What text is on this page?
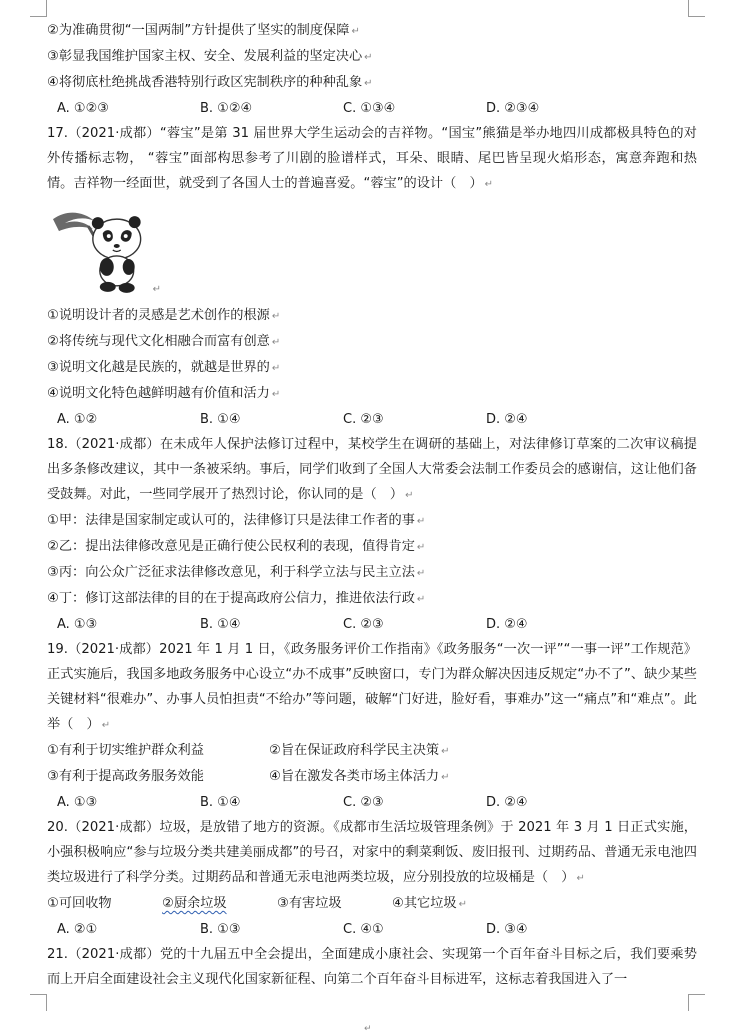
②为准确贯彻“一国两制”方针提供了坚实的制度保障 ↵
③彰显我国维护国家主权、安全、发展利益的坚定决心 ↵
④将彻底杜绝挑战香港特别行政区宪制秩序的种种乱象 ↵
A. ①②③	B. ①②④	C. ①③④	D. ②③④
17.（2021·成都）“蓉宝”是第 31 届世界大学生运动会的吉祥物。“国宝”熊猫是举办地四川成都极具特色的对外传播标志物， “蓉宝”面部构思参考了川剧的脸谱样式，耳朵、眼睛、尾巴皆呈现火焰形态，寓意奔跑和热情。吉祥物一经面世，就受到了各国人士的普遍喜爱。“蓉宝”的设计（　） ↵
↵
①说明设计者的灵感是艺术创作的根源 ↵
②将传统与现代文化相融合而富有创意 ↵
③说明文化越是民族的，就越是世界的 ↵
④说明文化特色越鲜明越有价值和活力 ↵
A. ①②	B. ①④	C. ②③	D. ②④
18.（2021·成都）在未成年人保护法修订过程中，某校学生在调研的基础上，对法律修订草案的二次审议稿提出多条修改建议，其中一条被采纳。事后，同学们收到了全国人大常委会法制工作委员会的感谢信，这让他们备受鼓舞。对此，一些同学展开了热烈讨论，你认同的是（　） ↵
①甲：法律是国家制定或认可的，法律修订只是法律工作者的事 ↵
②乙：提出法律修改意见是正确行使公民权利的表现，值得肯定 ↵
③丙：向公众广泛征求法律修改意见，利于科学立法与民主立法 ↵
④丁：修订这部法律的目的在于提高政府公信力，推进依法行政 ↵
A. ①③	B. ①④	C. ②③	D. ②④
19.（2021·成都）2021 年 1 月 1 日，《政务服务评价工作指南》《政务服务“一次一评”“一事一评”工作规范》正式实施后，我国多地政务服务中心设立“办不成事”反映窗口，专门为群众解决因违反规定“办不了”、缺少某些关键材料“很难办”、办事人员怕担责“不给办”等问题，破解“门好进，脸好看，事难办”这一“痛点”和“难点”。此举（　） ↵
①有利于切实维护群众利益	②旨在保证政府科学民主决策 ↵
③有利于提高政务服务效能	④旨在激发各类市场主体活力 ↵
A. ①③	B. ①④	C. ②③	D. ②④
20.（2021·成都）垃圾，是放错了地方的资源。《成都市生活垃圾管理条例》于 2021 年 3 月 1 日正式实施，小强积极响应“参与垃圾分类共建美丽成都”的号召，对家中的剩菜剩饭、废旧报刊、过期药品、普通无汞电池四类垃圾进行了科学分类。过期药品和普通无汞电池两类垃圾，应分别投放的垃圾桶是（　） ↵
①可回收物	②厨余垃圾	③有害垃圾	④其它垃圾 ↵
A. ②①	B. ①③	C. ④①	D. ③④
21.（2021·成都）党的十九届五中全会提出，全面建成小康社会、实现第一个百年奋斗目标之后，我们要乘势而上开启全面建设社会主义现代化国家新征程、向第二个百年奋斗目标进军，这标志着我国进入了一
↵
